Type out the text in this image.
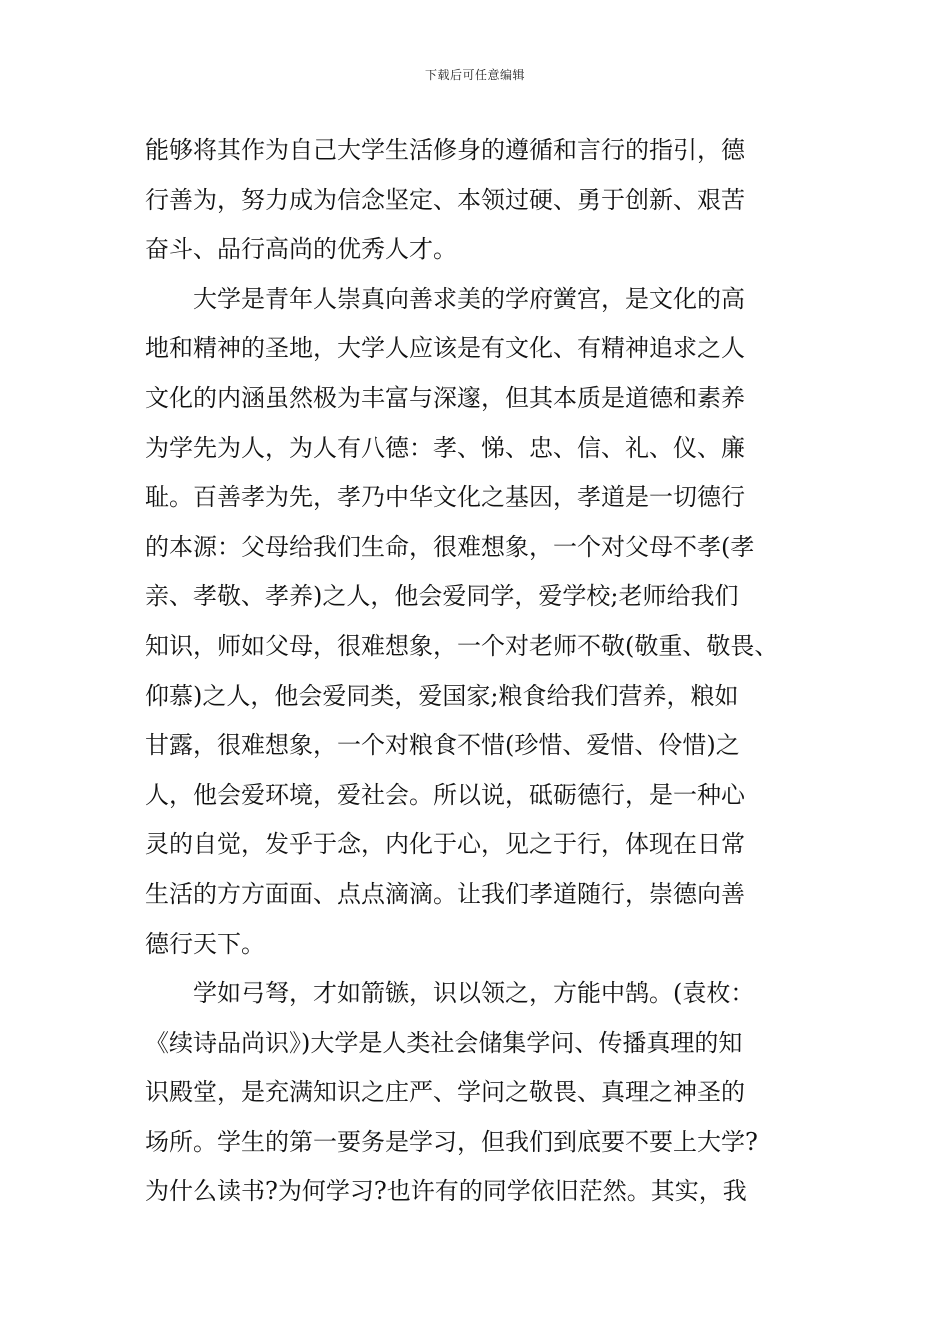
下载后可任意编辑
能够将其作为自己大学生活修身的遵循和言行的指引，德
行善为，努力成为信念坚定、本领过硬、勇于创新、艰苦
奋斗、品行高尚的优秀人才。
　　大学是青年人崇真向善求美的学府黉宫，是文化的高
地和精神的圣地，大学人应该是有文化、有精神追求之人
文化的内涵虽然极为丰富与深邃，但其本质是道德和素养
为学先为人，为人有八德：孝、悌、忠、信、礼、仪、廉
耻。百善孝为先，孝乃中华文化之基因，孝道是一切德行
的本源：父母给我们生命，很难想象，一个对父母不孝(孝
亲、孝敬、孝养)之人，他会爱同学，爱学校;老师给我们
知识，师如父母，很难想象，一个对老师不敬(敬重、敬畏、
仰慕)之人，他会爱同类，爱国家;粮食给我们营养，粮如
甘露，很难想象，一个对粮食不惜(珍惜、爱惜、伶惜)之
人，他会爱环境，爱社会。所以说，砥砺德行，是一种心
灵的自觉，发乎于念，内化于心，见之于行，体现在日常
生活的方方面面、点点滴滴。让我们孝道随行，崇德向善
德行天下。
　　学如弓弩，才如箭镞，识以领之，方能中鹄。(袁枚：
《续诗品尚识》)大学是人类社会储集学问、传播真理的知
识殿堂，是充满知识之庄严、学问之敬畏、真理之神圣的
场所。学生的第一要务是学习，但我们到底要不要上大学?
为什么读书?为何学习?也许有的同学依旧茫然。其实，我
